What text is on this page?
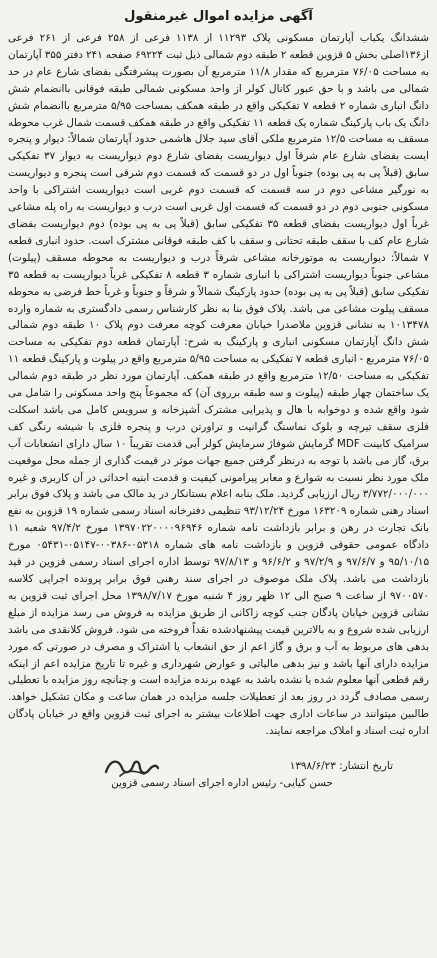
آگهی مزایده اموال غیرمنقول

ششدانگ یکباب آپارتمان مسکونی پلاک ۱۱۲۹۳ از ۱۱۳۸ فرعی از ۲۵۸ فرعی از ۲۶۱ فرعی از۱۳۶اصلی بخش ۵ قزوین قطعه ۲ طبقه دوم شمالی ذیل ثبت ۶۹۲۲۴ صفحه ۲۴۱ دفتر ۳۵۵ آپارتمان به مساحت ۷۶/۰۵ مترمربع که مقدار ۱۱/۸ مترمربع آن بصورت پیشرفتگی بفضای شارع عام در حد شمالی می باشد و با حق عبور کانال کولر از واحد مسکونی شمالی طبقه فوقانی باانضمام شش دانگ انباری شماره ۲ قطعه ۷ تفکیکی واقع در طبقه همکف بمساحت ۵/۹۵ مترمربع باانضمام شش دانگ یک باب پارکینگ شماره یک قطعه ۱۱ تفکیکی واقع در طبقه همکف قسمت شمال غرب محوطه مسقف به مساحت ۱۲/۵ مترمربع ملکی آقای سید جلال هاشمی حدود آپارتمان شمالاً: دیوار و پنجره ایست بفضای شارع عام شرقاً اول دیواریست بفضای شارع دوم دیواریست به دیوار ۳۷ تفکیکی سابق (قبلاً پی به پی بوده) جنوباً اول در دو قسمت که قسمت دوم شرقی است پنجره و دیواریست به نورگیر مشاعی دوم در سه قسمت که قسمت دوم غربی است دیواریست اشتراکی با واحد مسکونی جنوبی دوم در دو قسمت که قسمت اول غربی است درب و دیواریست به راه پله مشاعی غرباً اول دیواریست بفضای قطعه ۳۵ تفکیکی سابق (قبلاً پی به پی بوده) دوم دیواریست بفضای شارع عام کف با سقف طبقه تحتانی و سقف با کف طبقه فوقانی مشترک است. حدود انباری قطعه ۷ شمالاً: دیواریست به موتورخانه مشاعی شرقاً درب و دیواریست به محوطه مسقف (پیلوت) مشاعی جنوباً دیواریست اشتراکی با انباری شماره ۳ قطعه ۸ تفکیکی غرباً دیواریست به قطعه ۳۵ تفکیکی سابق (قبلاً پی به پی بوده) حدود پارکینگ شمالاً و شرقاً و جنوباً و غرباً خط فرضی به محوطه مسقف پیلوت مشاعی می باشد. پلاک فوق بنا به نظر کارشناس رسمی دادگستری به شماره وارده ۱۰۱۳۴۷۸ به نشانی قزوین ملاصدرا خیابان معرفت کوچه معرفت دوم پلاک ۱۰ طبقه دوم شمالی شش دانگ آپارتمان مسکونی انباری و پارکینگ به شرح: آپارتمان قطعه دوم تفکیکی به مساحت ۷۶/۰۵ مترمربع - انباری قطعه ۷ تفکیکی به مساحت ۵/۹۵ مترمربع واقع در پیلوت و پارکینگ قطعه ۱۱ تفکیکی به مساحت ۱۲/۵۰ مترمربع واقع در طبقه همکف. آپارتمان مورد نظر در طبقه دوم شمالی یک ساختمان چهار طبقه (پیلوت و سه طبقه برروی آن) که مجموعاً پنج واحد مسکونی را شامل می شود واقع شده و دوخوابه با هال و پذیرایی مشترک آشپزخانه و سرویس کامل می باشد اسکلت فلزی سقف تیرچه و بلوک نماسنگ گرانیت و تراورتن درب و پنجره فلزی با شیشه رنگی کف سرامیک کابینت MDF گرمایش شوفاژ سرمایش کولر آبی قدمت تقریباً ۱۰ سال دارای انشعابات آب برق، گاز می باشد با توجه به درنظر گرفتن جمیع جهات موثر در قیمت گذاری از جمله محل موقعیت ملک مورد نظر نسبت به شوارع و معابر پیرامونی کیفیت و قدمت ابنیه احداثی در آن کاربری و غیره ۳/۷۷۲/۰۰۰/۰۰۰ ریال ارزیابی گردید. ملک بنابه اعلام بستانکار در ید مالک می باشد و پلاک فوق برابر اسناد رهنی شماره ۱۶۳۲۰۹ مورخ ۹۳/۱۲/۲۴ تنظیمی دفترخانه اسناد رسمی شماره ۱۹ قزوین به نفع بانک تجارت در رهن و برابر بازداشت نامه شماره ۱۳۹۷۰۲۲۰۰۰۰۹۶۹۴۶ مورخ ۹۷/۴/۲ شعبه ۱۱ دادگاه عمومی حقوقی قزوین و بازداشت نامه های شماره ۰۵۳۱۸-۰۰۳۸۶-۰۵۱۴۷-۰۵۴۳۱ مورخ ۹۵/۱۰/۱۵ و ۹۷/۶/۷ و ۹۷/۲/۹ و ۹۶/۶/۲ و ۹۷/۸/۱۳ توسط اداره اجرای اسناد رسمی قزوین در قید بازداشت می باشد. پلاک ملک موصوف در اجرای سند رهنی فوق برابر پرونده اجرایی کلاسه ۹۷۰۰۵۷۰ از ساعت ۹ صبح الی ۱۲ ظهر روز ۴ شنبه مورخ ۱۳۹۸/۷/۱۷ محل اجرای ثبت قزوین به نشانی قزوین خیابان پادگان جنب کوچه زاکانی از طریق مزایده به فروش می رسد مزایده از مبلغ ارزیابی شده شروع و به بالاترین قیمت پیشنهادشده نقداً فروخته می شود. فروش کلانقدی می باشد بدهی های مربوط به آب و برق و گاز اعم از حق انشعاب یا اشتراک و مصرف در صورتی که مورد مزایده دارای آنها باشد و نیز بدهی مالیاتی و عوارض شهرداری و غیره تا تاریخ مزایده اعم از اینکه رقم قطعی آنها معلوم شده یا نشده باشد به عهده برنده مزایده است و چنانچه روز مزایده با تعطیلی رسمی مصادف گردد در روز بعد از تعطیلات جلسه مزایده در همان ساعت و مکان تشکیل خواهد. طالبین میتوانند در ساعات اداری جهت اطلاعات بیشتر به اجرای ثبت قزوین واقع در خیابان پادگان اداره ثبت اسناد و املاک مراجعه نمایند.

تاریخ انتشار: ۱۳۹۸/۶/۲۳

حسن کیایی- رئیس اداره اجرای اسناد رسمی قزوین
